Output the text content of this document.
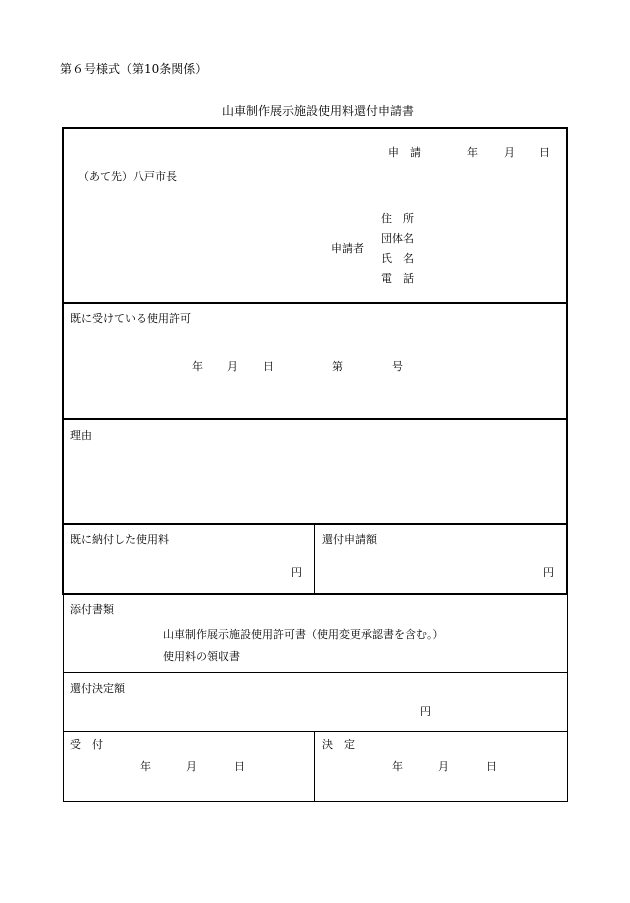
第６号様式（第10条関係）
山車制作展示施設使用料還付申請書
申　請	年 月 日
（あて先）八戸市長
申請者
住　所
団体名
氏　名
電　話
既に受けている使用許可
年 月 日	第	号
理由
既に納付した使用料
円
還付申請額
円
添付書類
山車制作展示施設使用許可書（使用変更承認書を含む。）
使用料の領収書
還付決定額
円
受　付
年	月	日
決　定
年	月	日
